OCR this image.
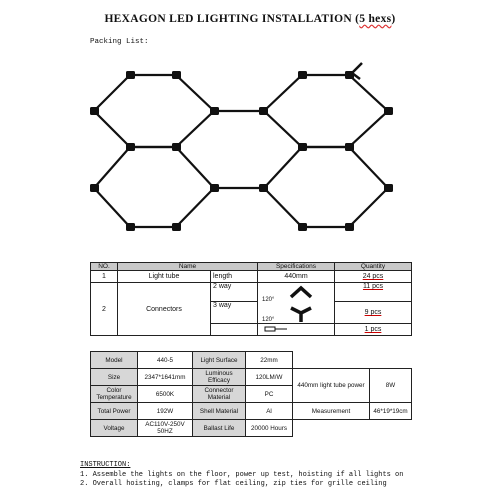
HEXAGON LED LIGHTING INSTALLATION (5 hexs)
Packing List:
NO.	Name		Specifications	Quantity
1	Light tube	length	440mm	24 pcs
2	Connectors	2 way	120°	11 pcs
		3 way		9 pcs

			120°	1 pcs
Model	440-5	Light Surface	22mm		
Size	2347*1641mm	Luminous Efficacy	120LM/W	440mm light tube power	8W
Color Temperature	6500K	Connector Material	PC		
Total Power	192W	Shell Material	Al	Measurement	46*19*19cm
Voltage	AC110V-250V 50HZ	Ballast Life	20000 Hours		
INSTRUCTION:
1. Assemble the lights on the floor, power up test, hoisting if all lights on
2. Overall hoisting, clamps for flat ceiling, zip ties for grille ceiling
